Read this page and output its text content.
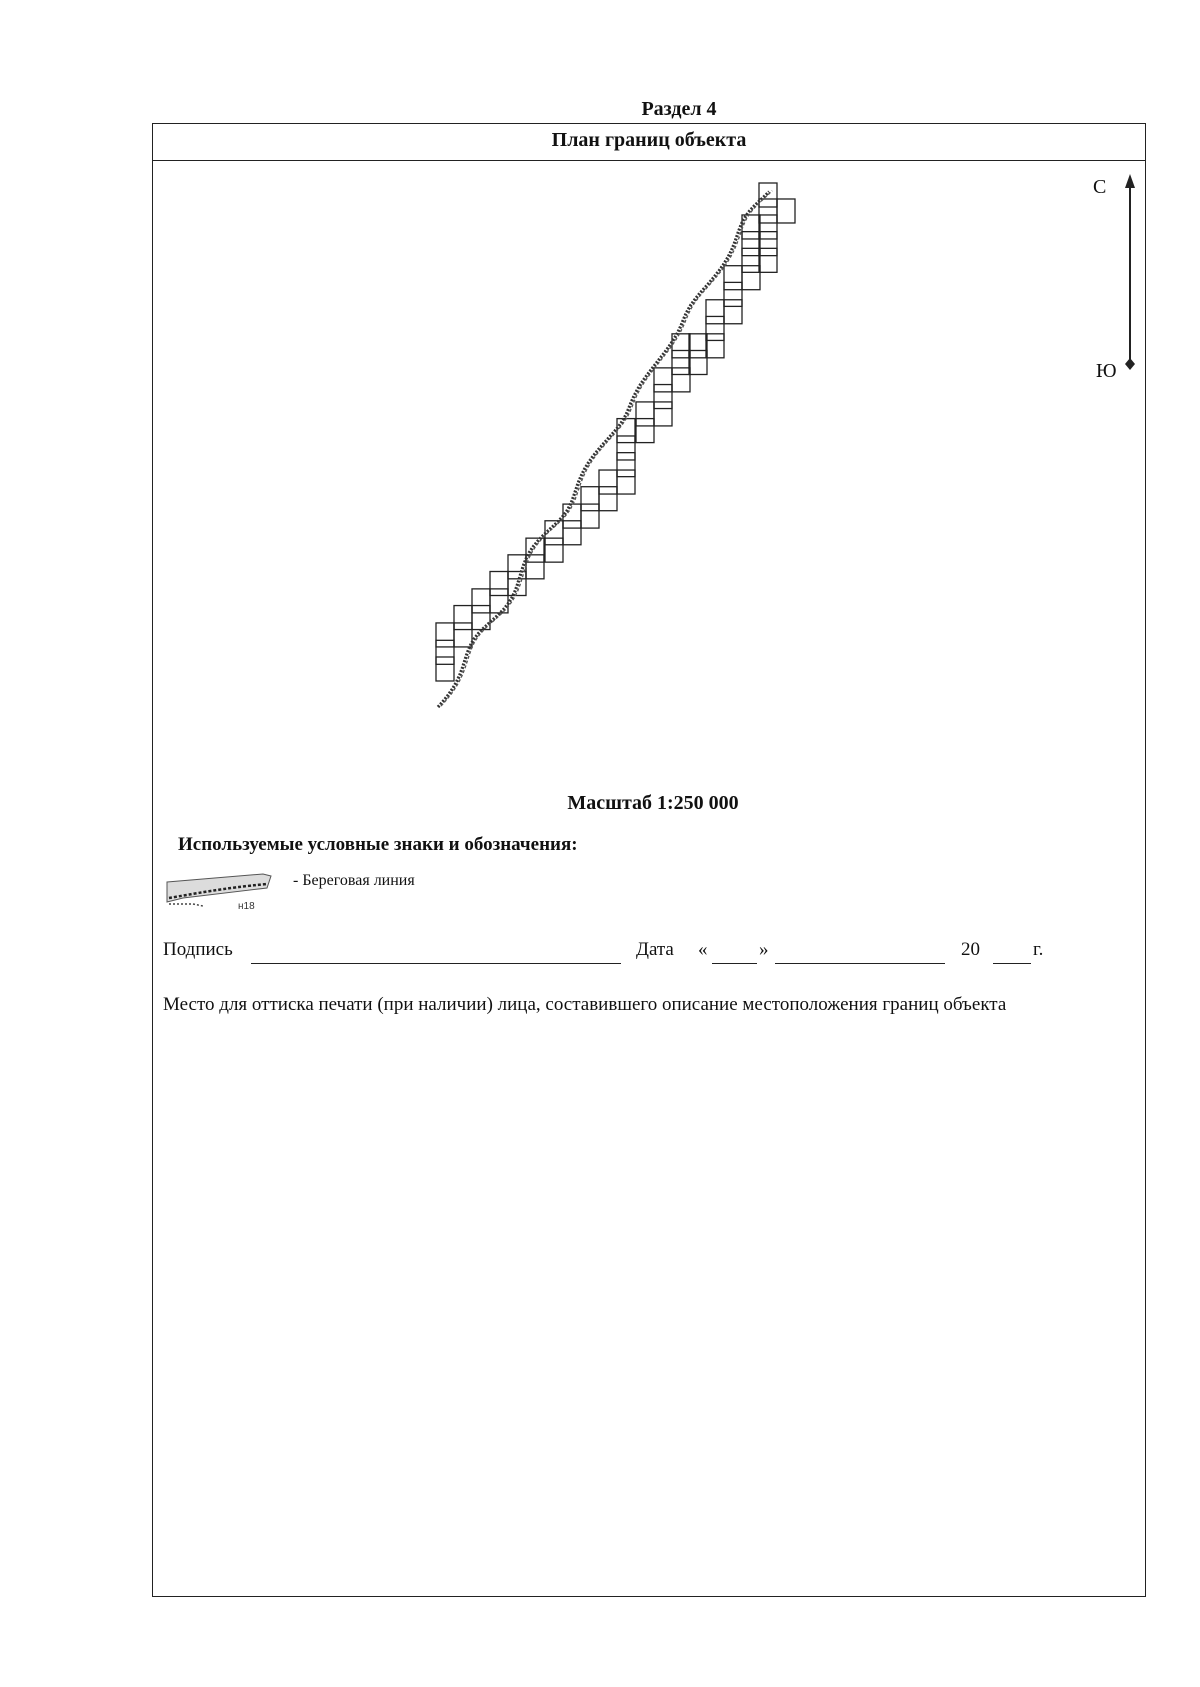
Раздел 4
План границ объекта
С
Ю
Масштаб 1:250 000
Используемые условные знаки и обозначения:
н18
- Береговая линия
Подпись	Дата «	»	20	г.
Место для оттиска печати (при наличии) лица, составившего описание местоположения границ объекта
